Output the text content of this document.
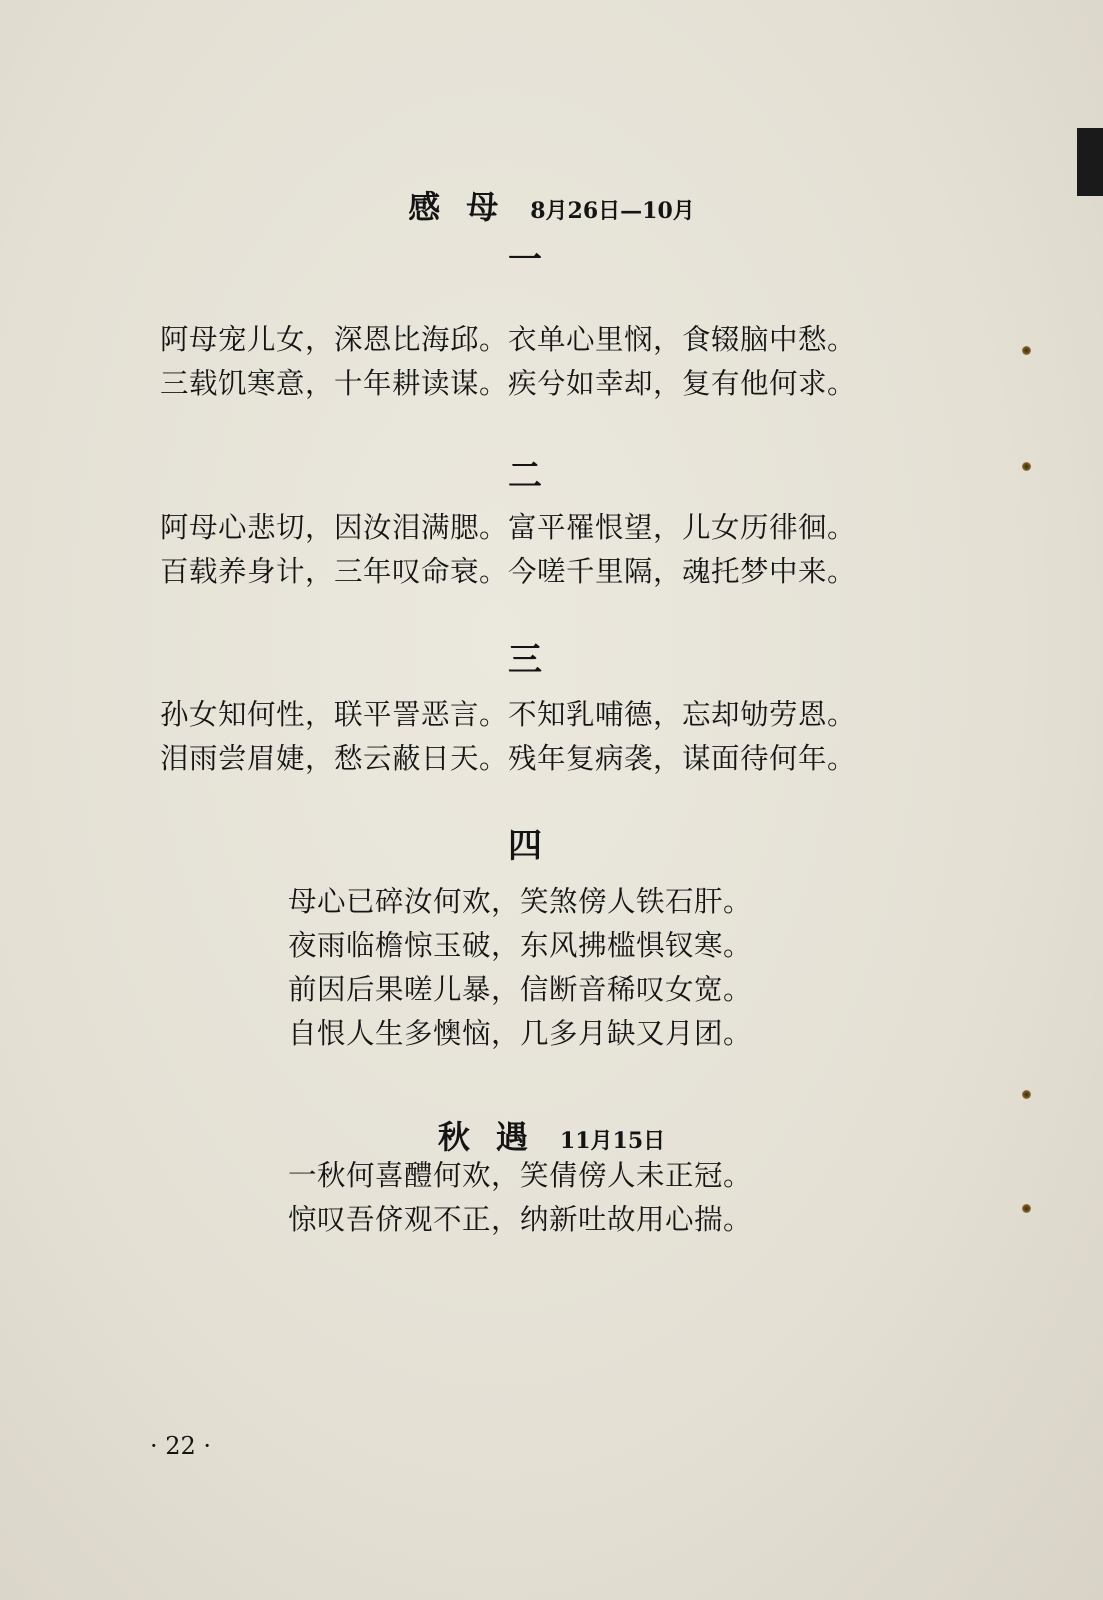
感母 8月26日—10月
一
阿母宠儿女，深恩比海邱。衣单心里悯，食辍脑中愁。
三载饥寒意，十年耕读谋。疾兮如幸却，复有他何求。
二
阿母心悲切，因汝泪满腮。富平罹恨望，儿女历徘徊。
百载养身计，三年叹命衰。今嗟千里隔，魂托梦中来。
三
孙女知何性，联平詈恶言。不知乳哺德，忘却劬劳恩。
泪雨尝眉婕，愁云蔽日天。残年复病袭，谋面待何年。
四
母心已碎汝何欢，笑煞傍人铁石肝。
夜雨临檐惊玉破，东风拂槛惧钗寒。
前因后果嗟儿暴，信断音稀叹女宽。
自恨人生多懊恼，几多月缺又月团。
秋遇 11月15日
一秋何喜醴何欢，笑倩傍人未正冠。
惊叹吾侪观不正，纳新吐故用心揣。
· 22 ·
